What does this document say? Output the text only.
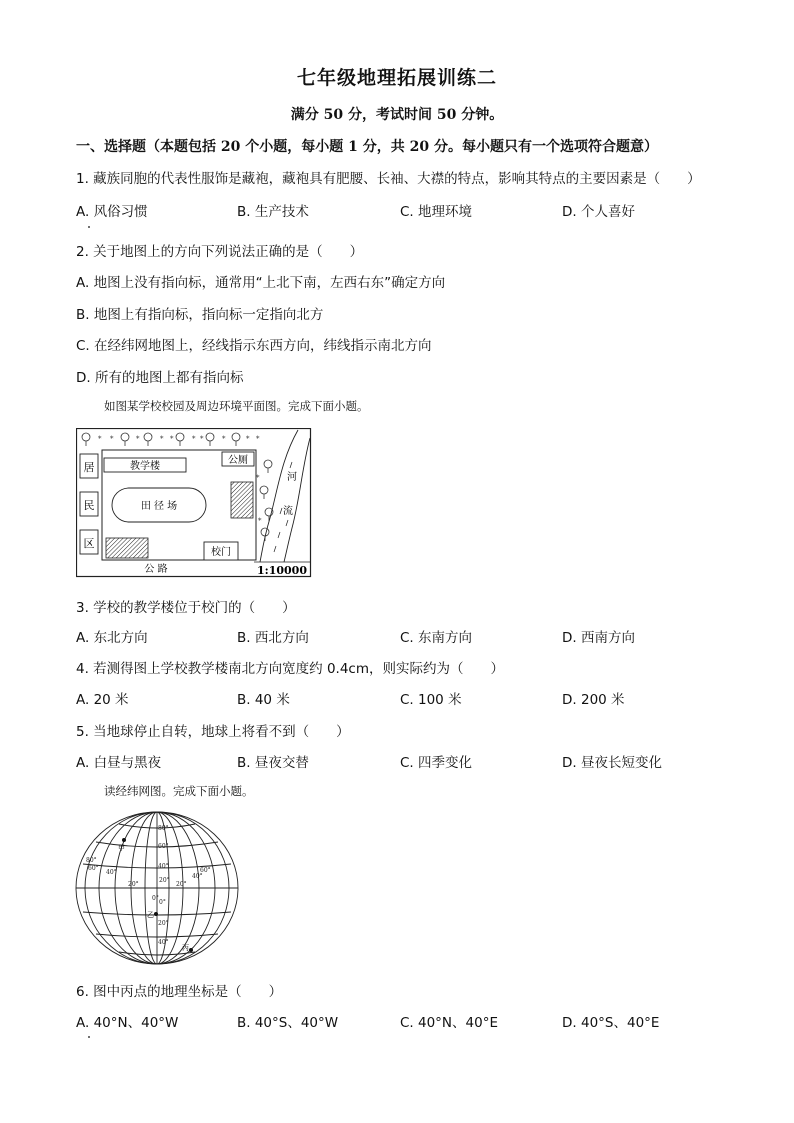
七年级地理拓展训练二
满分 50 分，考试时间 50 分钟。
一、选择题（本题包括 20 个小题，每小题 1 分，共 20 分。每小题只有一个选项符合题意）
1. 藏族同胞的代表性服饰是藏袍，藏袍具有肥腰、长袖、大襟的特点，影响其特点的主要因素是（　　）
A. 风俗习惯	B. 生产技术	C. 地理环境	D. 个人喜好
2. 关于地图上的方向下列说法正确的是（　　）
A. 地图上没有指向标，通常用“上北下南，左西右东”确定方向
B. 地图上有指向标，指向标一定指向北方
C. 在经纬网地图上，经线指示东西方向，纬线指示南北方向
D. 所有的地图上都有指向标
如图某学校校园及周边环境平面图。完成下面小题。
* *	*	* *	* *	*	* *
*
*
居
民
区
教学楼
公厕
田 径 场
校门
公 路
河
流
1:10000
3. 学校的教学楼位于校门的（　　）
A. 东北方向	B. 西北方向	C. 东南方向	D. 西南方向
4. 若测得图上学校教学楼南北方向宽度约 0.4cm，则实际约为（　　）
A. 20 米	B. 40 米	C. 100 米	D. 200 米
5. 当地球停止自转，地球上将看不到（　　）
A. 白昼与黑夜	B. 昼夜交替	C. 四季变化	D. 昼夜长短变化
读经纬网图。完成下面小题。
80°
60°
40°
20°
0°
20°
40°
80°
60°
40°
20°
0°
20°
40°
60°
甲
乙
丙
6. 图中丙点的地理坐标是（　　）
A. 40°N、40°W	B. 40°S、40°W	C. 40°N、40°E	D. 40°S、40°E
